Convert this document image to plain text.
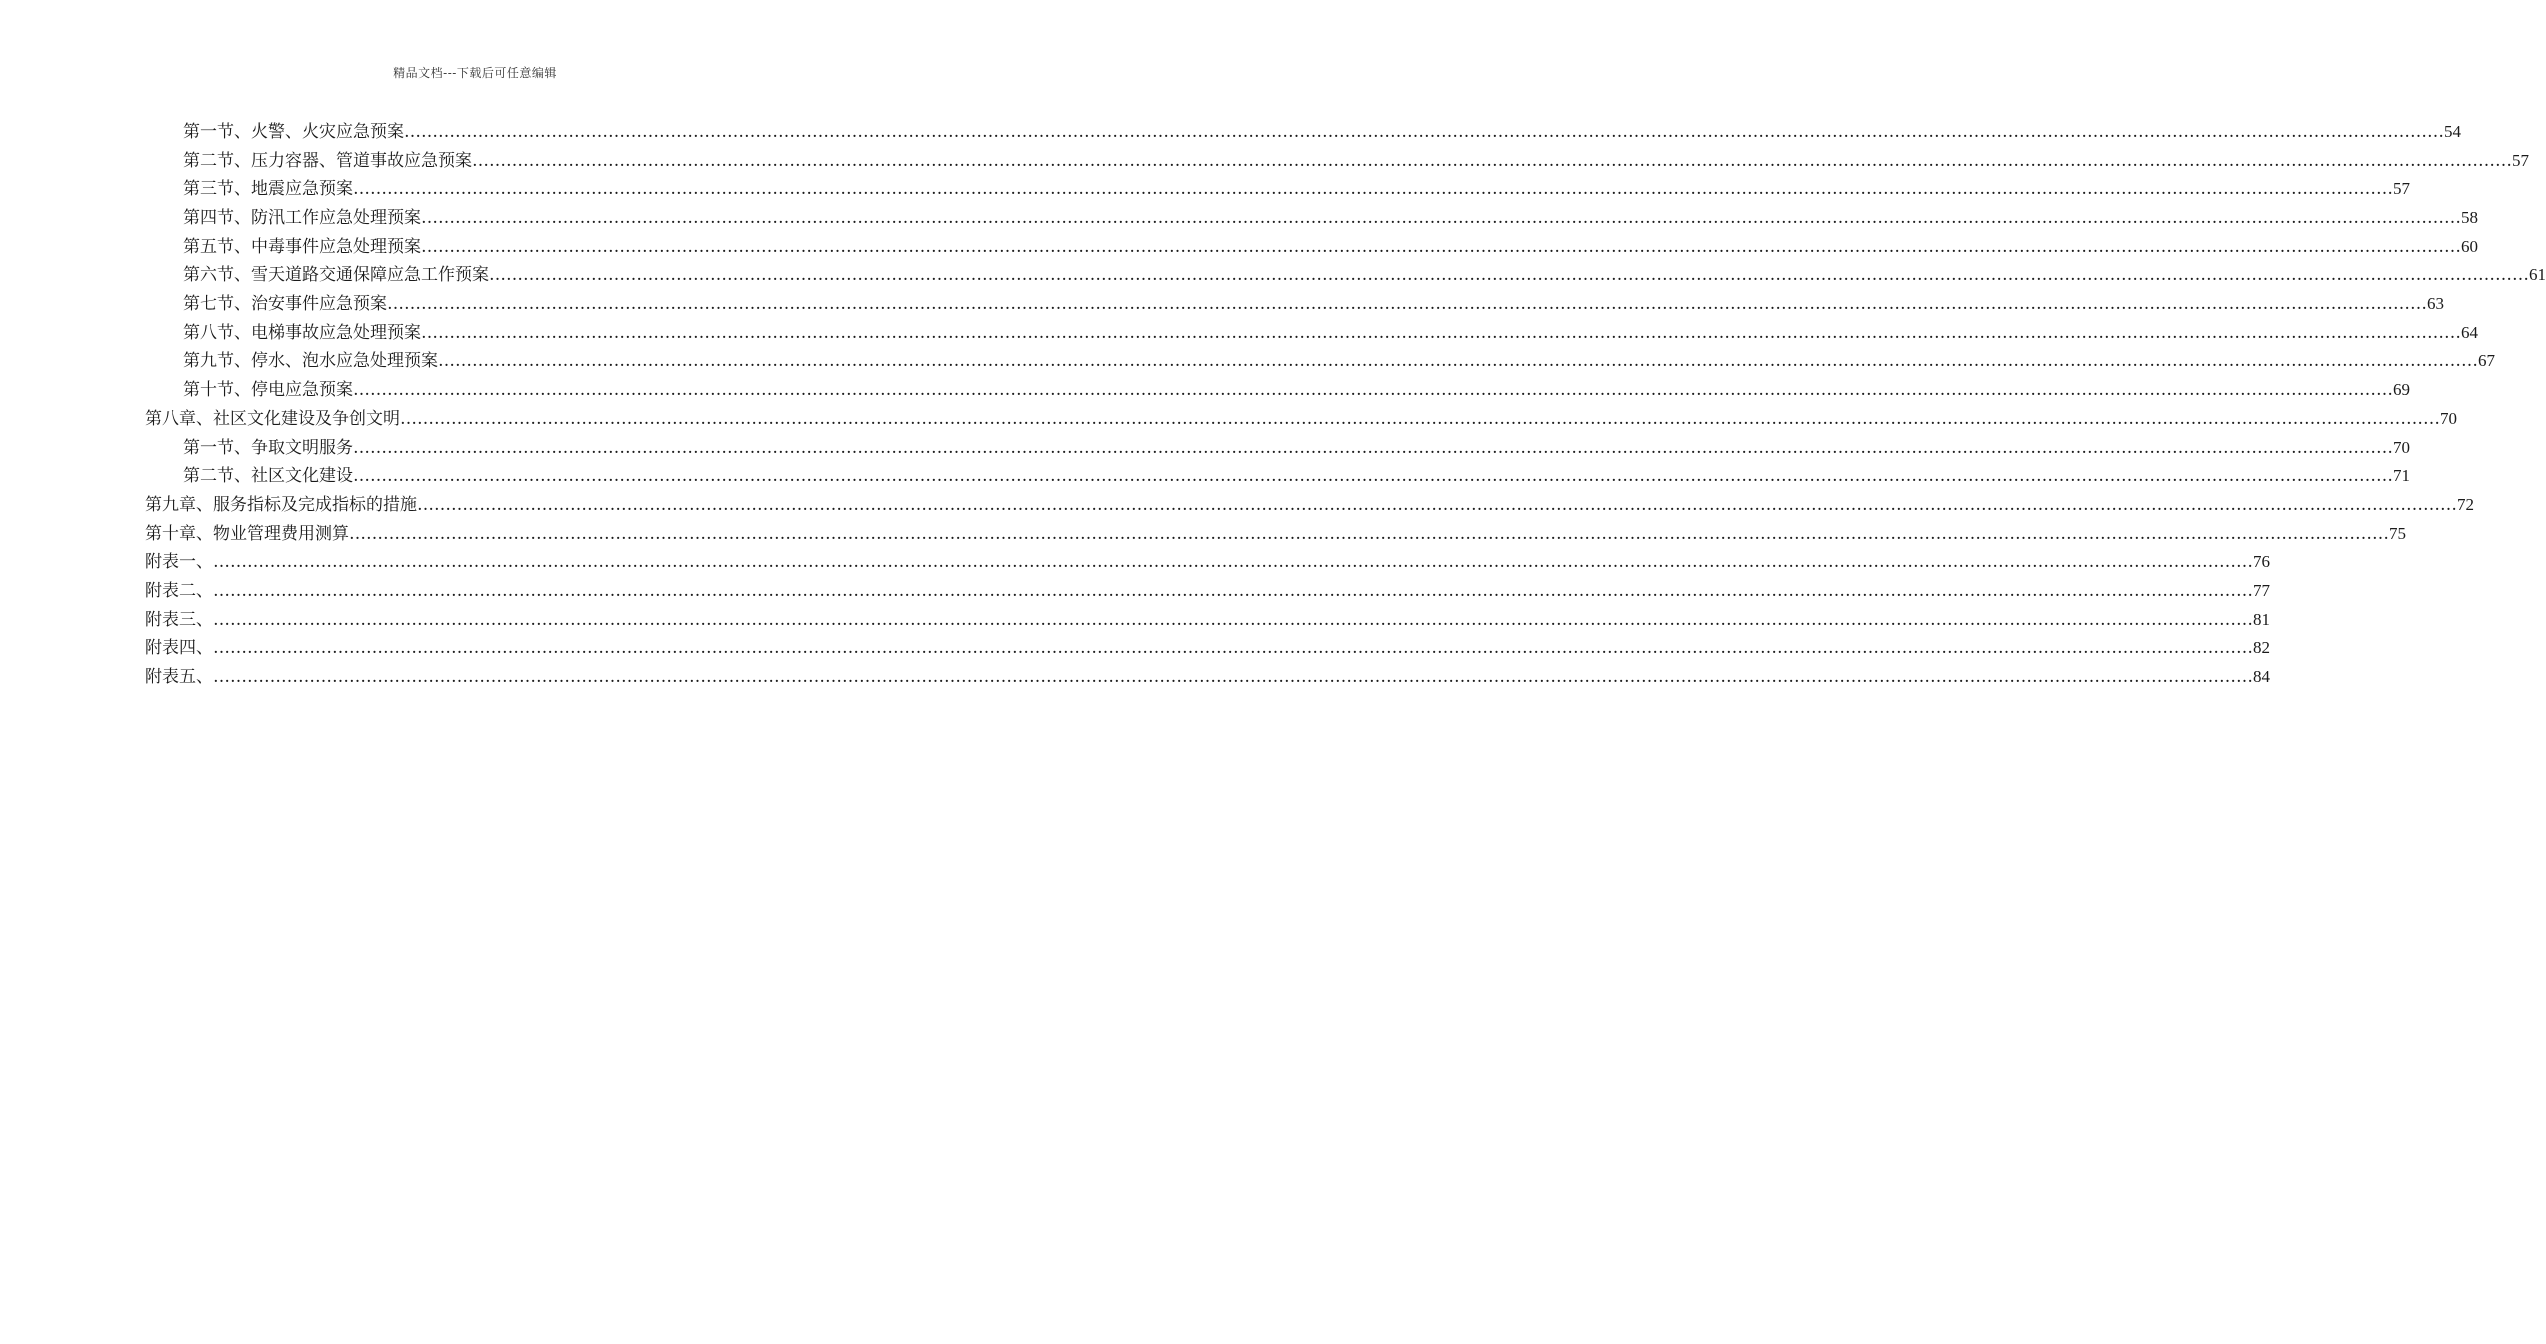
精品文档---下载后可任意编辑
第一节、火警、火灾应急预案 ……………………………………………………………………………………………………………………………………………………………………………………………………………………………………………………………………………………………………………………………… 54
第二节、压力容器、管道事故应急预案 ……………………………………………………………………………………………………………………………………………………………………………………………………………………………………………………………………………………………………………………………… 57
第三节、地震应急预案 ……………………………………………………………………………………………………………………………………………………………………………………………………………………………………………………………………………………………………………………………… 57
第四节、防汛工作应急处理预案 ……………………………………………………………………………………………………………………………………………………………………………………………………………………………………………………………………………………………………………………………… 58
第五节、中毒事件应急处理预案 ……………………………………………………………………………………………………………………………………………………………………………………………………………………………………………………………………………………………………………………………… 60
第六节、雪天道路交通保障应急工作预案 ……………………………………………………………………………………………………………………………………………………………………………………………………………………………………………………………………………………………………………………………… 61
第七节、治安事件应急预案 ……………………………………………………………………………………………………………………………………………………………………………………………………………………………………………………………………………………………………………………………… 63
第八节、电梯事故应急处理预案 ……………………………………………………………………………………………………………………………………………………………………………………………………………………………………………………………………………………………………………………………… 64
第九节、停水、泡水应急处理预案 ……………………………………………………………………………………………………………………………………………………………………………………………………………………………………………………………………………………………………………………………… 67
第十节、停电应急预案 ……………………………………………………………………………………………………………………………………………………………………………………………………………………………………………………………………………………………………………………………… 69
第八章、社区文化建设及争创文明 ……………………………………………………………………………………………………………………………………………………………………………………………………………………………………………………………………………………………………………………………… 70
第一节、争取文明服务 ……………………………………………………………………………………………………………………………………………………………………………………………………………………………………………………………………………………………………………………………… 70
第二节、社区文化建设 ……………………………………………………………………………………………………………………………………………………………………………………………………………………………………………………………………………………………………………………………… 71
第九章、服务指标及完成指标的措施 ……………………………………………………………………………………………………………………………………………………………………………………………………………………………………………………………………………………………………………………………… 72
第十章、物业管理费用测算 ……………………………………………………………………………………………………………………………………………………………………………………………………………………………………………………………………………………………………………………………… 75
附表一、 ……………………………………………………………………………………………………………………………………………………………………………………………………………………………………………………………………………………………………………………………… 76
附表二、 ……………………………………………………………………………………………………………………………………………………………………………………………………………………………………………………………………………………………………………………………… 77
附表三、 ……………………………………………………………………………………………………………………………………………………………………………………………………………………………………………………………………………………………………………………………… 81
附表四、 ……………………………………………………………………………………………………………………………………………………………………………………………………………………………………………………………………………………………………………………………… 82
附表五、 ……………………………………………………………………………………………………………………………………………………………………………………………………………………………………………………………………………………………………………………………… 84
